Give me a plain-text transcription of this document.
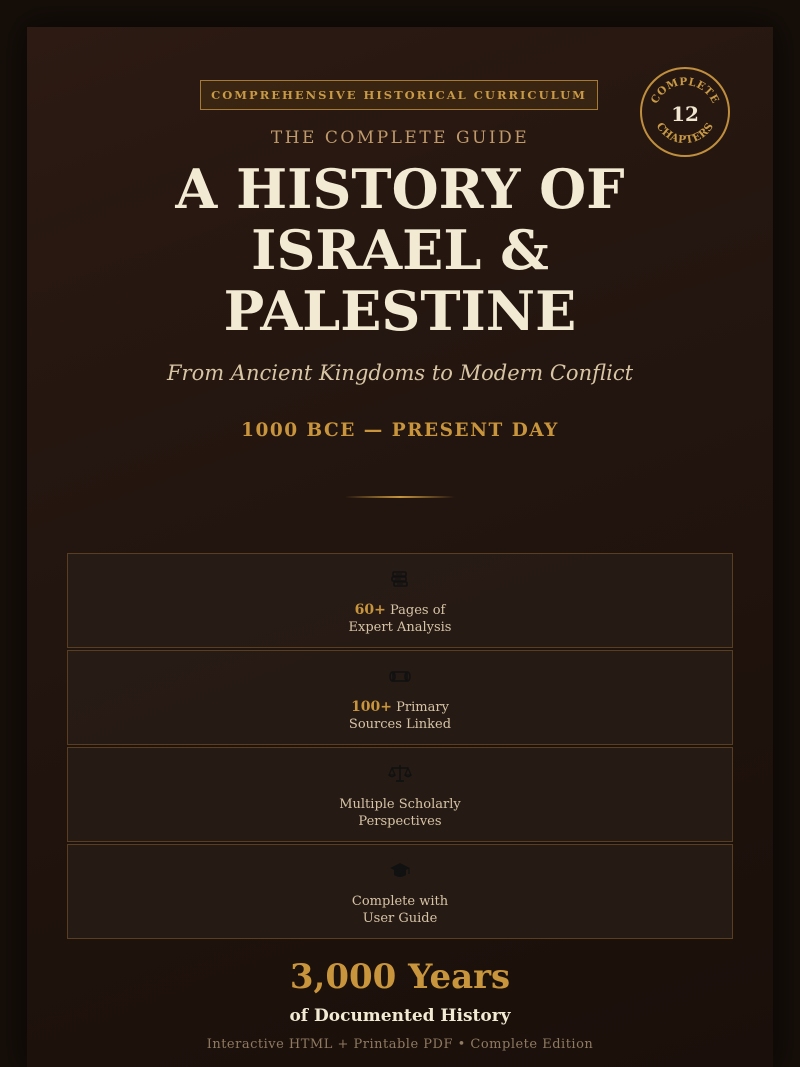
COMPREHENSIVE HISTORICAL CURRICULUM	COMPLETE
CHAPTERS
12
THE COMPLETE GUIDE
A HISTORY OF
ISRAEL &
PALESTINE
From Ancient Kingdoms to Modern Conflict
1000 BCE — PRESENT DAY
60+ Pages of
Expert Analysis
100+ Primary
Sources Linked
Multiple Scholarly
Perspectives
Complete with
User Guide
3,000 Years
of Documented History
Interactive HTML + Printable PDF • Complete Edition
